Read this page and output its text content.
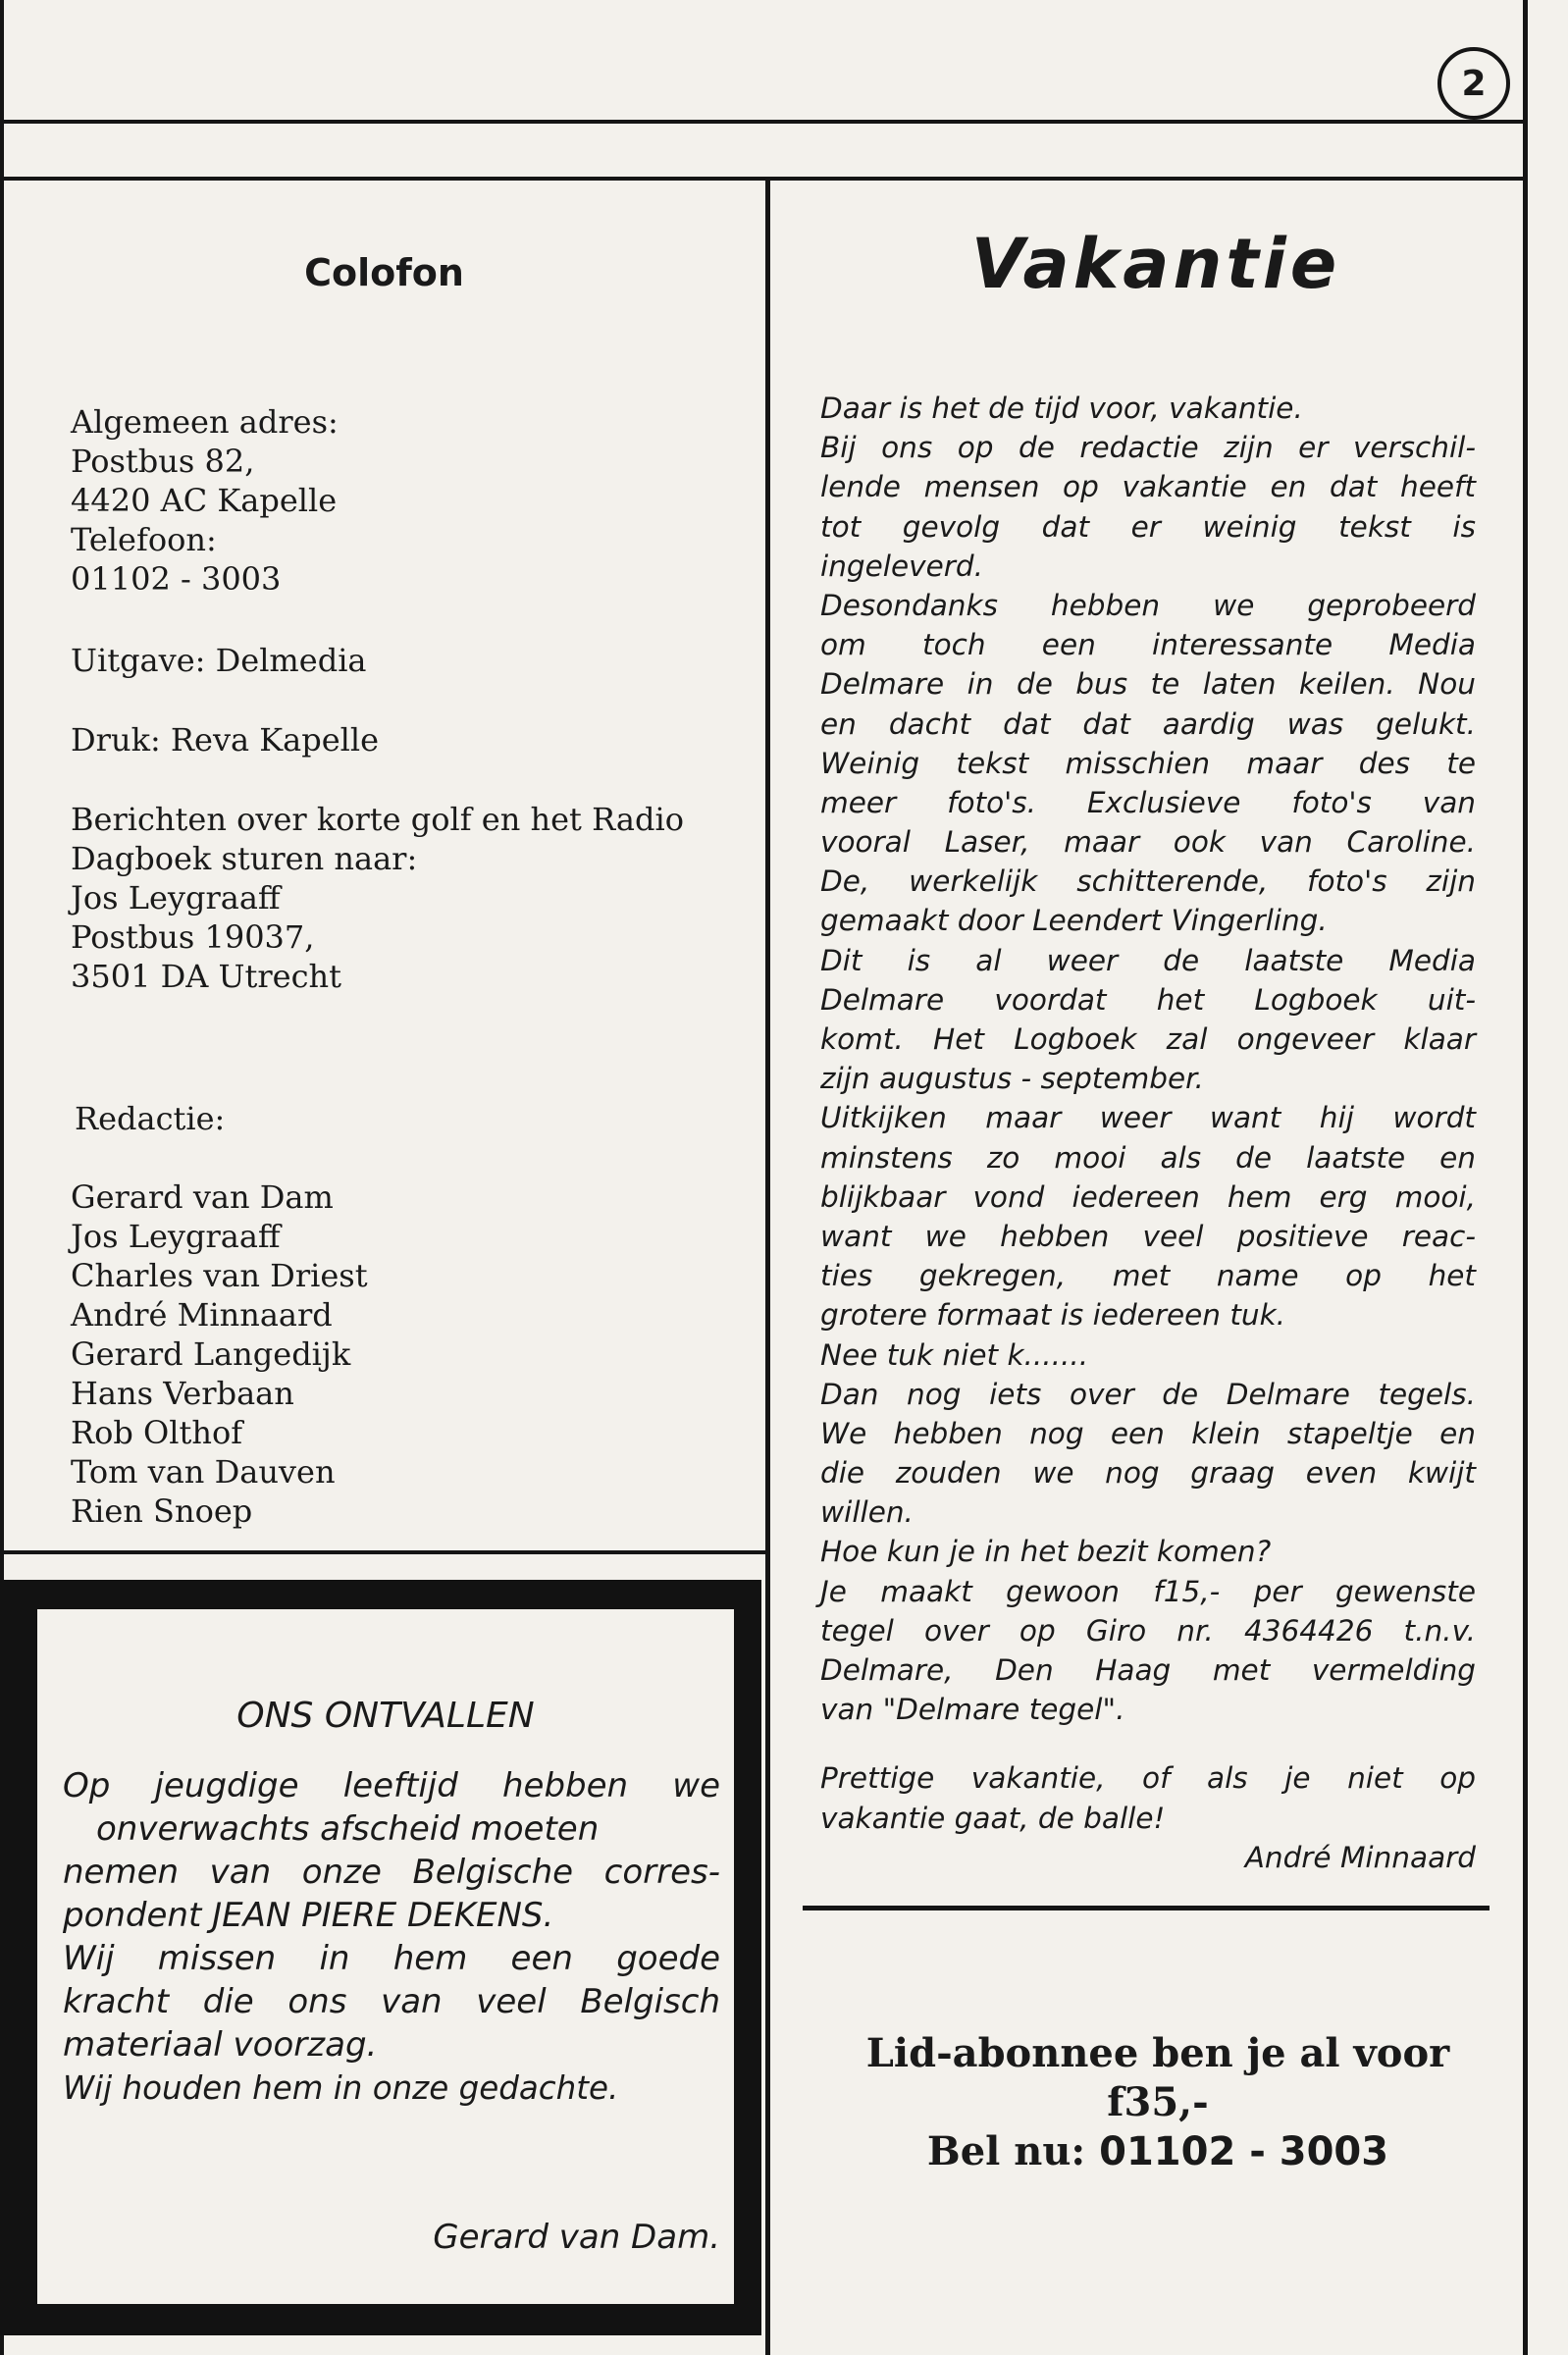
2
Colofon
Algemeen adres:
Postbus 82,
4420 AC Kapelle
Telefoon:
01102 - 3003
Uitgave: Delmedia
Druk: Reva Kapelle
Berichten over korte golf en het Radio
Dagboek sturen naar:
Jos Leygraaff
Postbus 19037,
3501 DA Utrecht
Redactie:
Gerard van Dam
Jos Leygraaff
Charles van Driest
André Minnaard
Gerard Langedijk
Hans Verbaan
Rob Olthof
Tom van Dauven
Rien Snoep
ONS ONTVALLEN
Op jeugdige leeftijd hebben we
onverwachts afscheid moeten
nemen van onze Belgische corres-
pondent JEAN PIERE DEKENS.
Wij missen in hem een goede
kracht die ons van veel Belgisch
materiaal voorzag.
Wij houden hem in onze gedachte.
Gerard van Dam.
Vakantie
Daar is het de tijd voor, vakantie.
Bij ons op de redactie zijn er verschil-
lende mensen op vakantie en dat heeft
tot gevolg dat er weinig tekst is
ingeleverd.
Desondanks hebben we geprobeerd
om toch een interessante Media
Delmare in de bus te laten keilen. Nou
en dacht dat dat aardig was gelukt.
Weinig tekst misschien maar des te
meer foto's. Exclusieve foto's van
vooral Laser, maar ook van Caroline.
De, werkelijk schitterende, foto's zijn
gemaakt door Leendert Vingerling.
Dit is al weer de laatste Media
Delmare voordat het Logboek uit-
komt. Het Logboek zal ongeveer klaar
zijn augustus - september.
Uitkijken maar weer want hij wordt
minstens zo mooi als de laatste en
blijkbaar vond iedereen hem erg mooi,
want we hebben veel positieve reac-
ties gekregen, met name op het
grotere formaat is iedereen tuk.
Nee tuk niet k.......
Dan nog iets over de Delmare tegels.
We hebben nog een klein stapeltje en
die zouden we nog graag even kwijt
willen.
Hoe kun je in het bezit komen?
Je maakt gewoon f15,- per gewenste
tegel over op Giro nr. 4364426 t.n.v.
Delmare, Den Haag met vermelding
van "Delmare tegel".
Prettige vakantie, of als je niet op
vakantie gaat, de balle!
André Minnaard
Lid-abonnee ben je al voor
f35,-
Bel nu: 01102 - 3003
